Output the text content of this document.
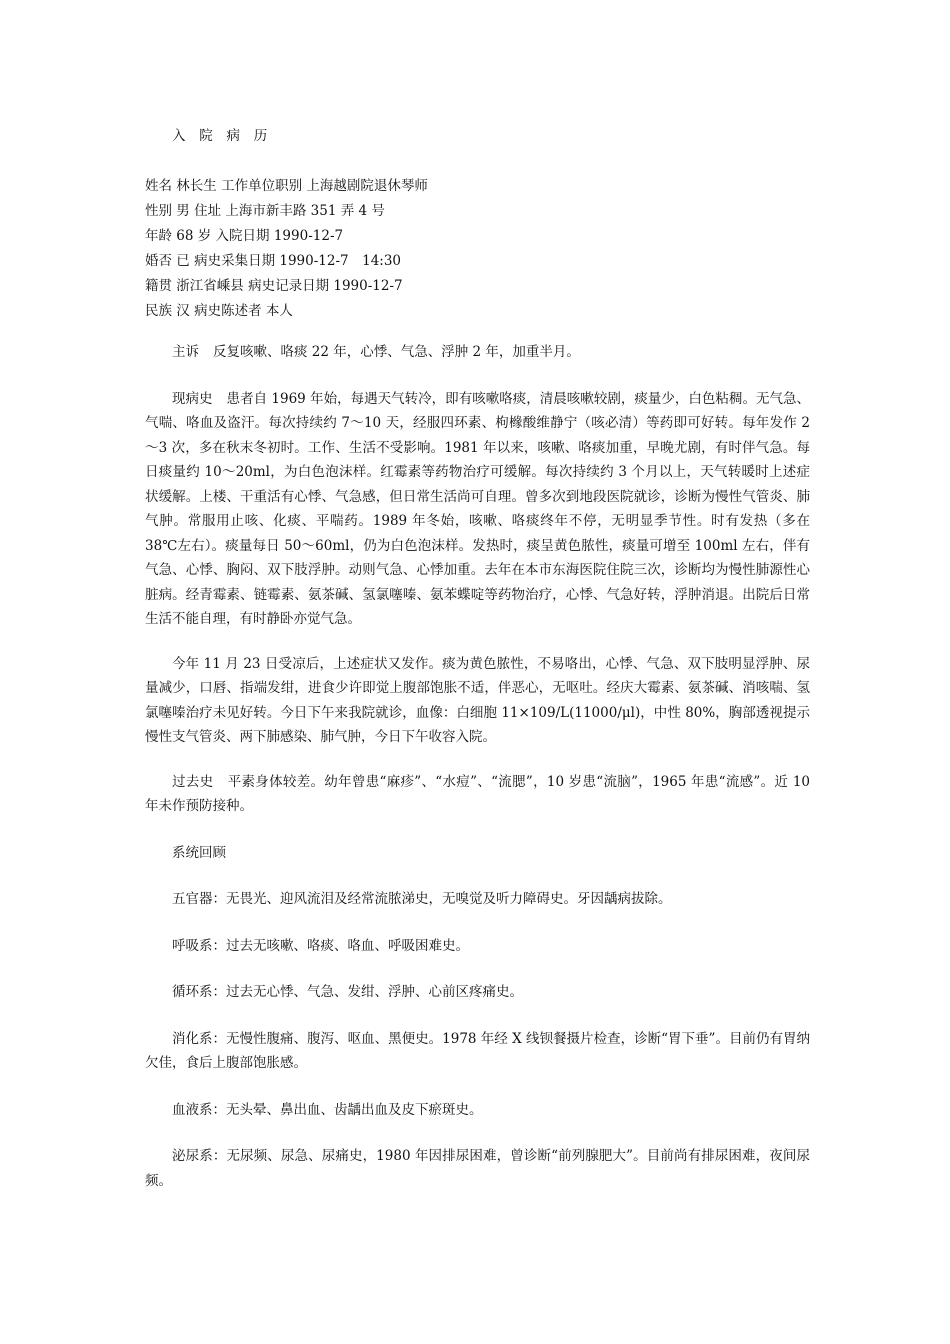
入 院 病 历
姓名 林长生 工作单位职别 上海越剧院退休琴师
性别 男 住址 上海市新丰路 351 弄 4 号
年龄 68 岁 入院日期 1990-12-7
婚否 已 病史采集日期 1990-12-7　14:30
籍贯 浙江省嵊县 病史记录日期 1990-12-7
民族 汉 病史陈述者 本人

主诉 反复咳嗽、咯痰 22 年，心悸、气急、浮肿 2 年，加重半月。

现病史 患者自 1969 年始，每遇天气转冷，即有咳嗽咯痰，清晨咳嗽较剧，痰量少，白色粘稠。无气急、气喘、咯血及盗汗。每次持续约 7～10 天，经服四环素、枸橼酸维静宁（咳必清）等药即可好转。每年发作 2～3 次，多在秋末冬初时。工作、生活不受影响。1981 年以来，咳嗽、咯痰加重，早晚尤剧，有时伴气急。每日痰量约 10～20ml，为白色泡沫样。红霉素等药物治疗可缓解。每次持续约 3 个月以上，天气转暖时上述症状缓解。上楼、干重活有心悸、气急感，但日常生活尚可自理。曾多次到地段医院就诊，诊断为慢性气管炎、肺气肿。常服用止咳、化痰、平喘药。1989 年冬始，咳嗽、咯痰终年不停，无明显季节性。时有发热（多在 38℃左右）。痰量每日 50～60ml，仍为白色泡沫样。发热时，痰呈黄色脓性，痰量可增至 100ml 左右，伴有气急、心悸、胸闷、双下肢浮肿。动则气急、心悸加重。去年在本市东海医院住院三次，诊断均为慢性肺源性心脏病。经青霉素、链霉素、氨茶碱、氢氯噻嗪、氨苯蝶啶等药物治疗，心悸、气急好转，浮肿消退。出院后日常生活不能自理，有时静卧亦觉气急。

今年 11 月 23 日受凉后，上述症状又发作。痰为黄色脓性，不易咯出，心悸、气急、双下肢明显浮肿、尿量减少，口唇、指端发绀，进食少许即觉上腹部饱胀不适，伴恶心，无呕吐。经庆大霉素、氨茶碱、消咳喘、氢氯噻嗪治疗未见好转。今日下午来我院就诊，血像：白细胞 11×109/L(11000/μl)，中性 80%，胸部透视提示慢性支气管炎、两下肺感染、肺气肿，今日下午收容入院。

过去史 平素身体较差。幼年曾患“麻疹”、“水痘”、“流腮”，10 岁患“流脑”，1965 年患“流感”。近 10 年未作预防接种。

系统回顾

五官器：无畏光、迎风流泪及经常流脓涕史，无嗅觉及听力障碍史。牙因龋病拔除。

呼吸系：过去无咳嗽、咯痰、咯血、呼吸困难史。

循环系：过去无心悸、气急、发绀、浮肿、心前区疼痛史。

消化系：无慢性腹痛、腹泻、呕血、黑便史。1978 年经 X 线钡餐摄片检查，诊断“胃下垂”。目前仍有胃纳欠佳，食后上腹部饱胀感。

血液系：无头晕、鼻出血、齿龋出血及皮下瘀斑史。

泌尿系：无尿频、尿急、尿痛史，1980 年因排尿困难，曾诊断“前列腺肥大”。目前尚有排尿困难，夜间尿频。
